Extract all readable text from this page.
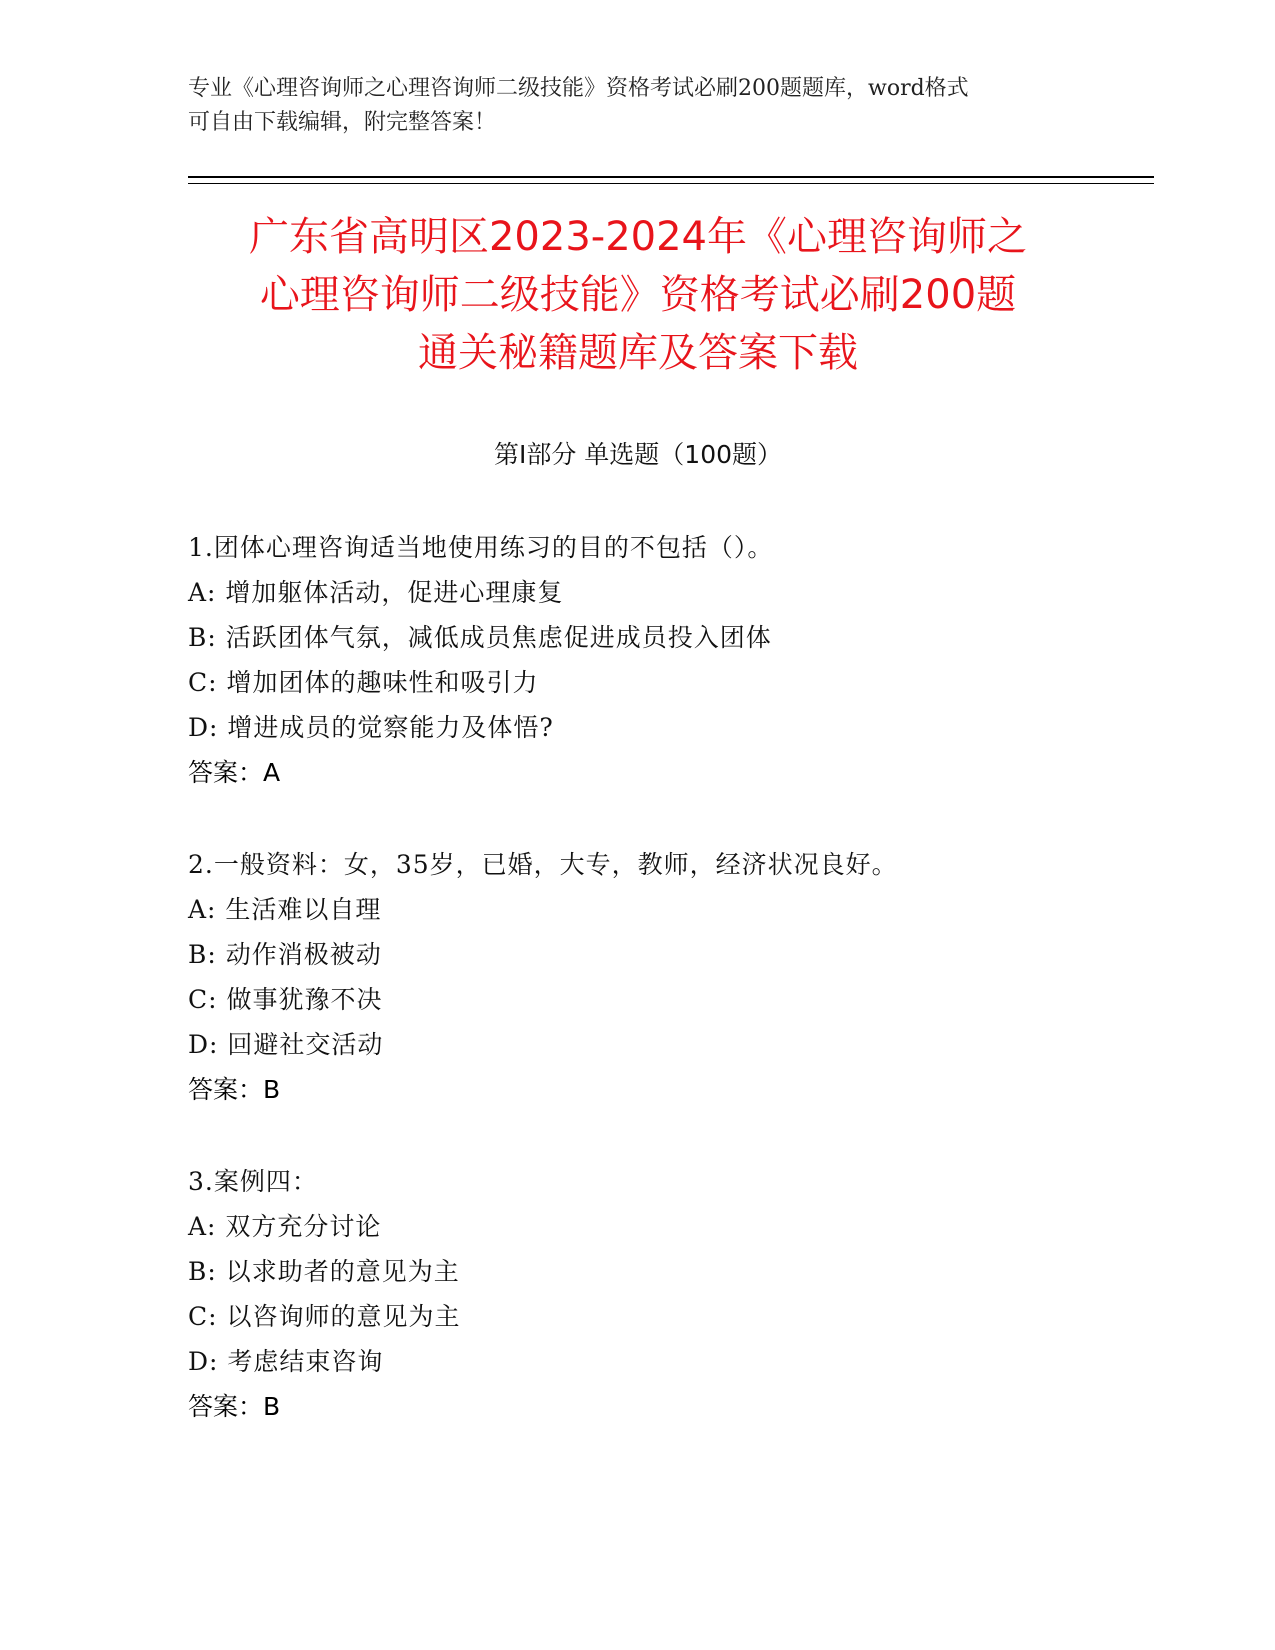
专业《心理咨询师之心理咨询师二级技能》资格考试必刷200题题库，word格式
可自由下载编辑，附完整答案！
广东省高明区2023-2024年《心理咨询师之
心理咨询师二级技能》资格考试必刷200题
通关秘籍题库及答案下载
第Ⅰ部分 单选题（100题）
1.团体心理咨询适当地使用练习的目的不包括（）。
A: 增加躯体活动，促进心理康复
B: 活跃团体气氛，减低成员焦虑促进成员投入团体
C: 增加团体的趣味性和吸引力
D: 增进成员的觉察能力及体悟?
答案：A
2.一般资料：女，35岁，已婚，大专，教师，经济状况良好。
A: 生活难以自理
B: 动作消极被动
C: 做事犹豫不决
D: 回避社交活动
答案：B
3.案例四：
A: 双方充分讨论
B: 以求助者的意见为主
C: 以咨询师的意见为主
D: 考虑结束咨询
答案：B
